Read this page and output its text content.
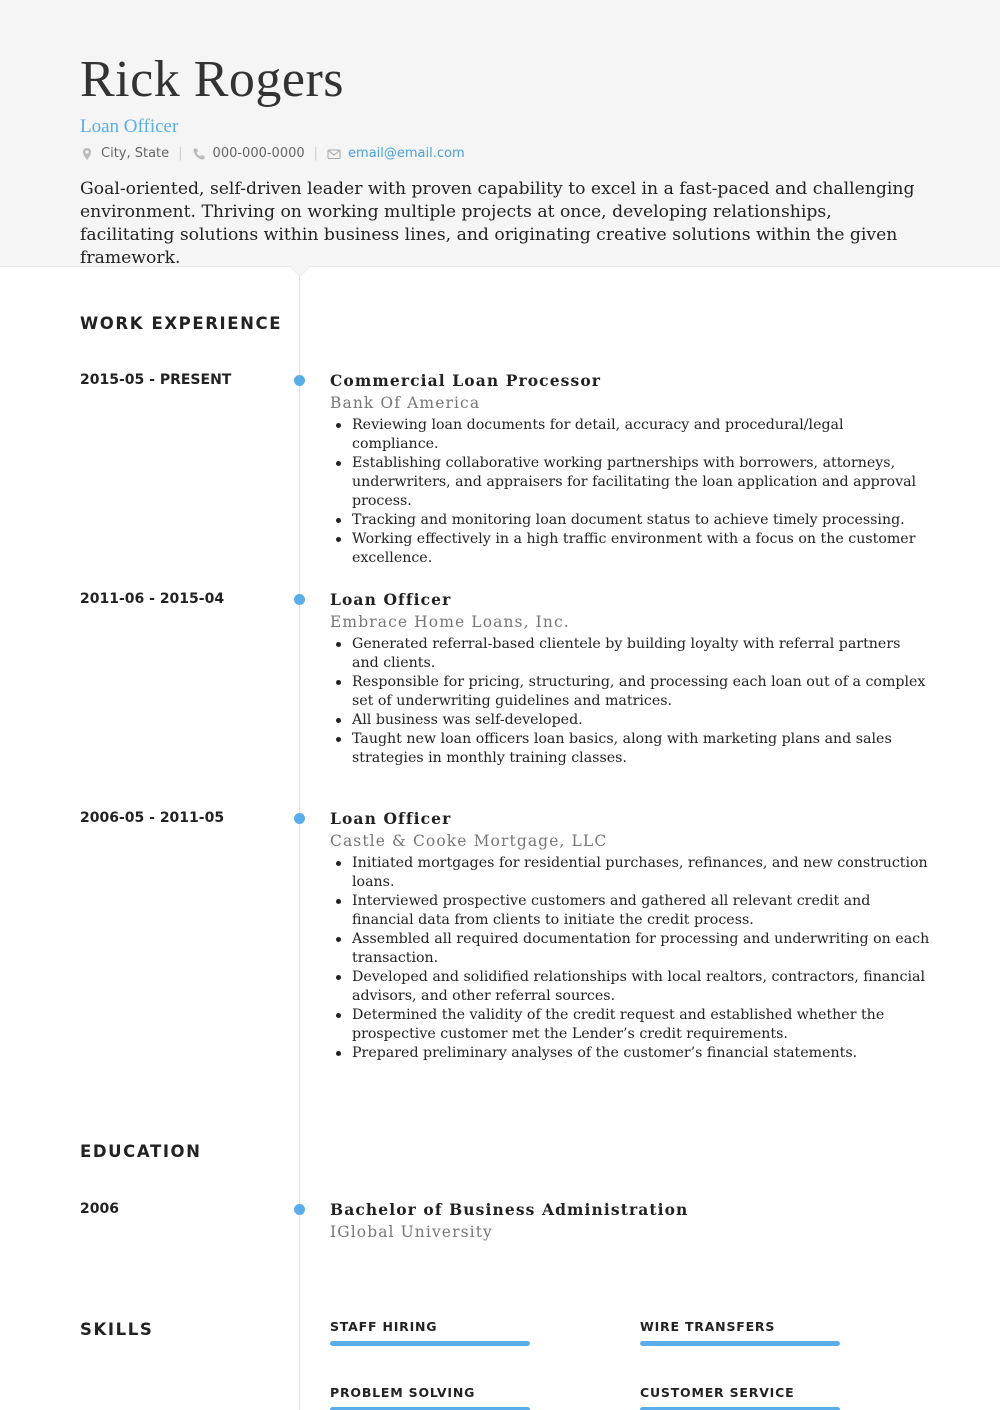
Rick Rogers
Loan Officer
City, State | 000-000-0000 | email@email.com
Goal-oriented, self-driven leader with proven capability to excel in a fast-paced and challenging environment. Thriving on working multiple projects at once, developing relationships, facilitating solutions within business lines, and originating creative solutions within the given framework.
WORK EXPERIENCE
2015-05 - PRESENT	Commercial Loan Processor
Bank Of America
Reviewing loan documents for detail, accuracy and procedural/legal compliance.
Establishing collaborative working partnerships with borrowers, attorneys, underwriters, and appraisers for facilitating the loan application and approval process.
Tracking and monitoring loan document status to achieve timely processing.
Working effectively in a high traffic environment with a focus on the customer excellence.
2011-06 - 2015-04	Loan Officer
Embrace Home Loans, Inc.
Generated referral-based clientele by building loyalty with referral partners and clients.
Responsible for pricing, structuring, and processing each loan out of a complex set of underwriting guidelines and matrices.
All business was self-developed.
Taught new loan officers loan basics, along with marketing plans and sales strategies in monthly training classes.
2006-05 - 2011-05	Loan Officer
Castle & Cooke Mortgage, LLC
Initiated mortgages for residential purchases, refinances, and new construction loans.
Interviewed prospective customers and gathered all relevant credit and financial data from clients to initiate the credit process.
Assembled all required documentation for processing and underwriting on each transaction.
Developed and solidified relationships with local realtors, contractors, financial advisors, and other referral sources.
Determined the validity of the credit request and established whether the prospective customer met the Lender’s credit requirements.
Prepared preliminary analyses of the customer’s financial statements.
EDUCATION
2006	Bachelor of Business Administration
IGlobal University
SKILLS	STAFF HIRING	WIRE TRANSFERS
PROBLEM SOLVING	CUSTOMER SERVICE
